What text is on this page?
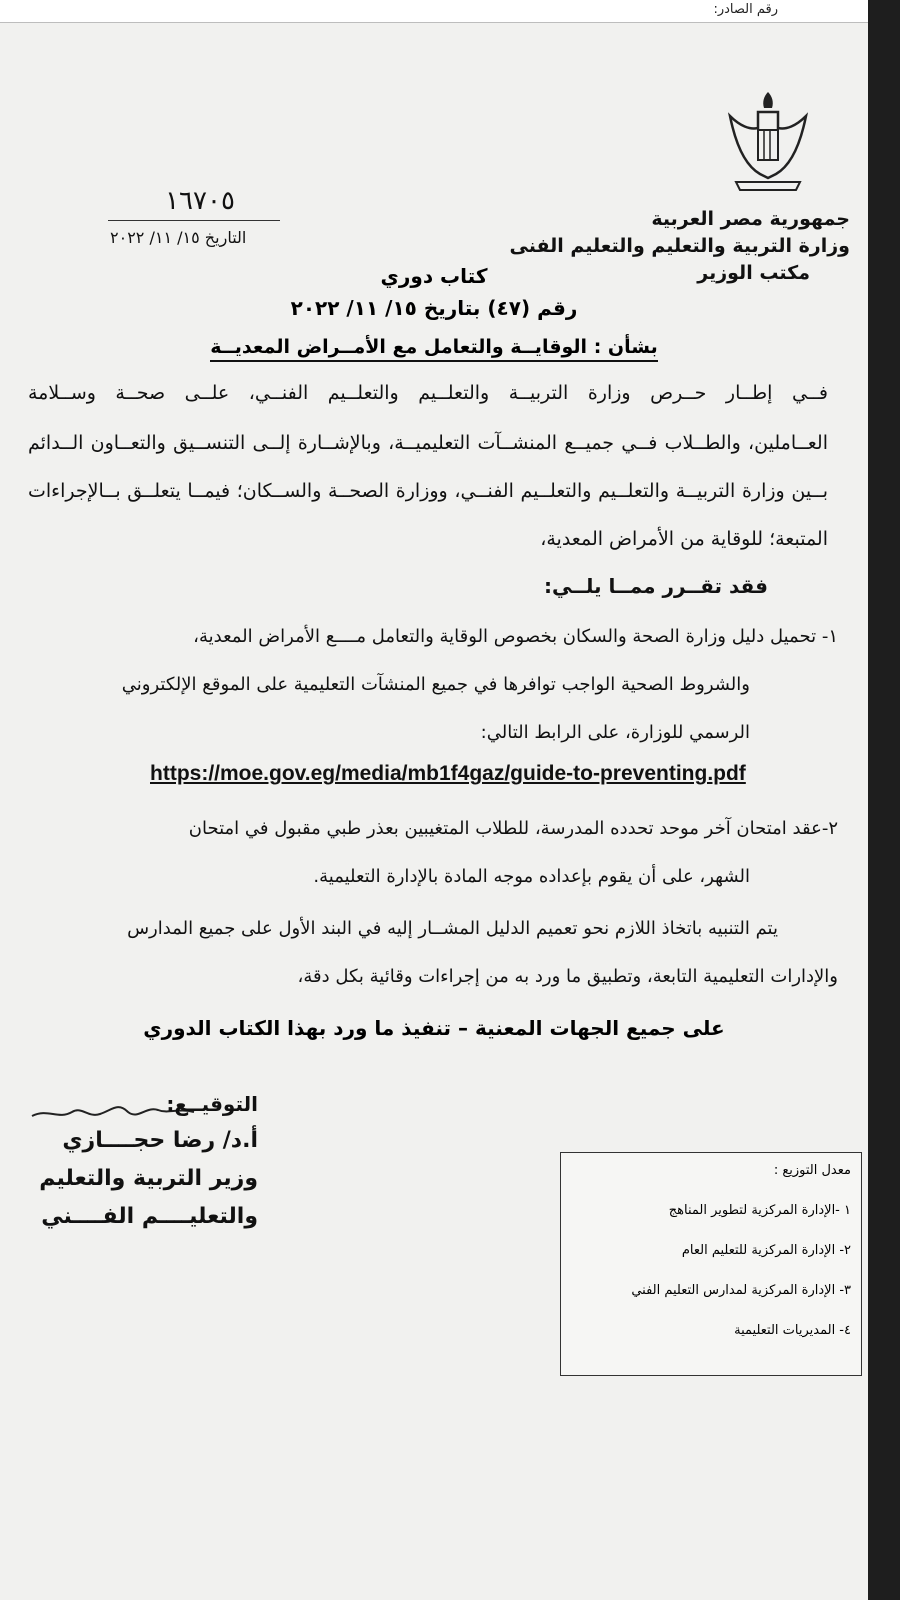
رقم الصادر:
جمهورية مصر العربية
وزارة التربية والتعليم والتعليم الفنى
مكتب الوزير
١٦٧٠٥
التاريخ ١٥/ ١١/ ٢٠٢٢
كتاب دوري
رقم (٤٧) بتاريخ ١٥/ ١١/ ٢٠٢٢
بشأن : الوقايــة والتعامل مع الأمــراض المعديــة
فــي إطــار حــرص وزارة التربيــة والتعلــيم والتعلــيم الفنــي، علــى صحــة وســلامة
العــاملين، والطــلاب فــي جميــع المنشــآت التعليميــة، وبالإشــارة إلــى التنســيق والتعــاون الــدائم
بــين وزارة التربيــة والتعلــيم والتعلــيم الفنــي، ووزارة الصحــة والســكان؛ فيمــا يتعلــق بــالإجراءات
المتبعة؛ للوقاية من الأمراض المعدية،
فقد تقــرر ممــا يلــي:
١- تحميل دليل وزارة الصحة والسكان بخصوص الوقاية والتعامل مــــع الأمراض المعدية،
والشروط الصحية الواجب توافرها في جميع المنشآت التعليمية على الموقع الإلكتروني
الرسمي للوزارة، على الرابط التالي:
https://moe.gov.eg/media/mb1f4gaz/guide-to-preventing.pdf
٢-عقد امتحان آخر موحد تحدده المدرسة، للطلاب المتغيبين بعذر طبي مقبول في امتحان
الشهر، على أن يقوم بإعداده موجه المادة بالإدارة التعليمية.
يتم التنبيه باتخاذ اللازم نحو تعميم الدليل المشــار إليه في البند الأول على جميع المدارس
والإدارات التعليمية التابعة، وتطبيق ما ورد به من إجراءات وقائية بكل دقة،
على جميع الجهات المعنية – تنفيذ ما ورد بهذا الكتاب الدوري
التوقيــع:
أ.د/ رضا حجــــازي
وزير التربية والتعليم
والتعليــــم الفــــني
معدل التوزيع :
١ -الإدارة المركزية لتطوير المناهج
٢- الإدارة المركزية للتعليم العام
٣- الإدارة المركزية لمدارس التعليم الفني
٤- المديريات التعليمية
